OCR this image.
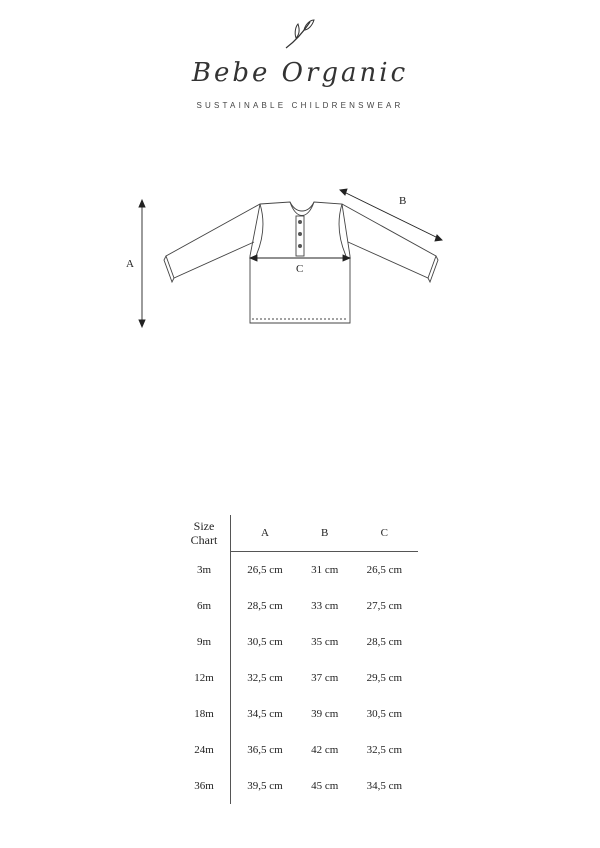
Bebe Organic
SUSTAINABLE CHILDRENSWEAR
A
B
C
Size
Chart	A	B	C
3m	26,5 cm	31 cm	26,5 cm
6m	28,5 cm	33 cm	27,5 cm
9m	30,5 cm	35 cm	28,5 cm
12m	32,5 cm	37 cm	29,5 cm
18m	34,5 cm	39 cm	30,5 cm
24m	36,5 cm	42 cm	32,5 cm
36m	39,5 cm	45 cm	34,5 cm
